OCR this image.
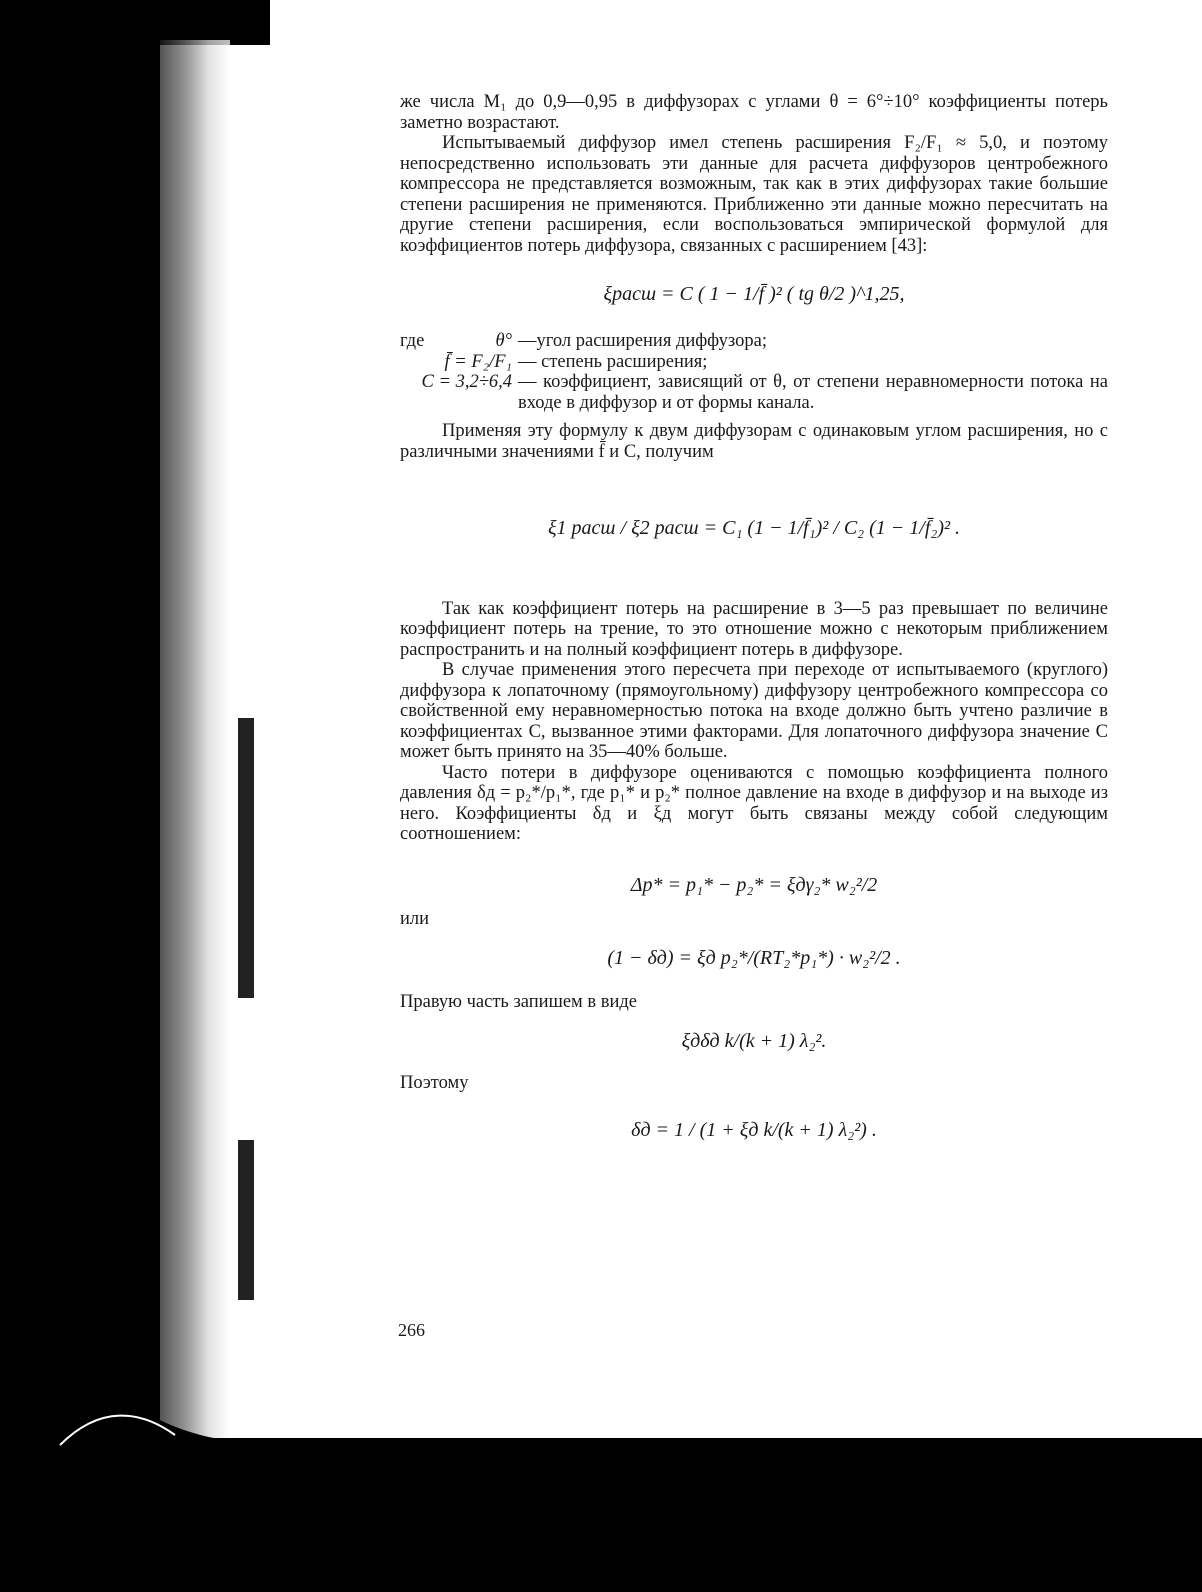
же числа M₁ до 0,9—0,95 в диффузорах с углами θ = 6°÷10° коэффициенты потерь заметно возрастают.

Испытываемый диффузор имел степень расширения F₂/F₁ ≈ 5,0, и поэтому непосредственно использовать эти данные для расчета диффузоров центробежного компрессора не представляется возможным, так как в этих диффузорах такие большие степени расширения не применяются. Приближенно эти данные можно пересчитать на другие степени расширения, если воспользоваться эмпирической формулой для коэффициентов потерь диффузора, связанных с расширением [43]:

ξрасш = C ( 1 − 1/f̄ )² ( tg θ/2 )^1,25,

где	θ° —угол расширения диффузора;
f̄ = F₂/F₁ — степень расширения;
C = 3,2÷6,4 — коэффициент, зависящий от θ, от степени неравномерности потока на входе в диффузор и от формы канала.

Применяя эту формулу к двум диффузорам с одинаковым углом расширения, но с различными значениями f̄ и C, получим

ξ1 расш / ξ2 расш = C₁ (1 − 1/f̄₁)² / C₂ (1 − 1/f̄₂)² .

Так как коэффициент потерь на расширение в 3—5 раз превышает по величине коэффициент потерь на трение, то это отношение можно с некоторым приближением распространить и на полный коэффициент потерь в диффузоре.

В случае применения этого пересчета при переходе от испытываемого (круглого) диффузора к лопаточному (прямоугольному) диффузору центробежного компрессора со свойственной ему неравномерностью потока на входе должно быть учтено различие в коэффициентах C, вызванное этими факторами. Для лопаточного диффузора значение C может быть принято на 35—40% больше.

Часто потери в диффузоре оцениваются с помощью коэффициента полного давления δд = p₂*/p₁*, где p₁* и p₂* полное давление на входе в диффузор и на выходе из него. Коэффициенты δд и ξд могут быть связаны между собой следующим соотношением:

Δp* = p₁* − p₂* = ξдγ₂* w₂²/2

или

(1 − δд) = ξд p₂*/(RT₂*p₁*) · w₂²/2 .

Правую часть запишем в виде

ξдδд k/(k + 1) λ₂².

Поэтому

δд = 1 / (1 + ξд k/(k + 1) λ₂²) .

266
